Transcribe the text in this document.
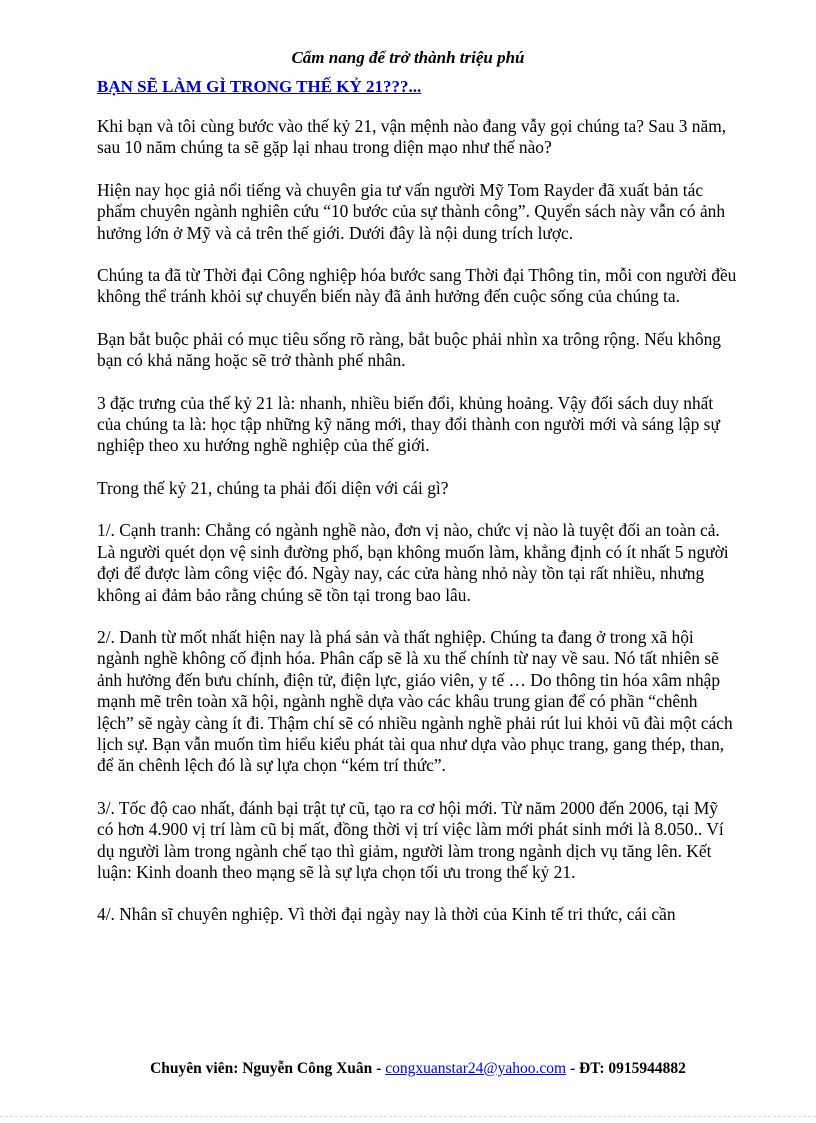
Cẩm nang để trở thành triệu phú
BẠN SẼ LÀM GÌ TRONG THẾ KỶ 21???...

Khi bạn và tôi cùng bước vào thế kỷ 21, vận mệnh nào đang vẫy gọi chúng ta? Sau 3 năm, sau 10 năm chúng ta sẽ gặp lại nhau trong diện mạo như thế nào?

Hiện nay học giả nổi tiếng và chuyên gia tư vấn người Mỹ Tom Rayder đã xuất bản tác phẩm chuyên ngành nghiên cứu “10 bước của sự thành công”. Quyển sách này vẫn có ảnh hưởng lớn ở Mỹ và cả trên thế giới. Dưới đây là nội dung trích lược.

Chúng ta đã từ Thời đại Công nghiệp hóa bước sang Thời đại Thông tin, mỗi con người đều không thể tránh khỏi sự chuyển biến này đã ảnh hưởng đến cuộc sống của chúng ta.

Bạn bắt buộc phải có mục tiêu sống rõ ràng, bắt buộc phải nhìn xa trông rộng. Nếu không bạn có khả năng hoặc sẽ trở thành phế nhân.

3 đặc trưng của thế kỷ 21 là: nhanh, nhiều biến đổi, khủng hoảng. Vậy đối sách duy nhất của chúng ta là: học tập những kỹ năng mới, thay đổi thành con người mới và sáng lập sự nghiệp theo xu hướng nghề nghiệp của thế giới.

Trong thế kỷ 21, chúng ta phải đối diện với cái gì?

1/. Cạnh tranh: Chẳng có ngành nghề nào, đơn vị nào, chức vị nào là tuyệt đối an toàn cả. Là người quét dọn vệ sinh đường phố, bạn không muốn làm, khẳng định có ít nhất 5 người đợi để được làm công việc đó. Ngày nay, các cửa hàng nhỏ này tồn tại rất nhiều, nhưng không ai đảm bảo rằng chúng sẽ tồn tại trong bao lâu.

2/. Danh từ mốt nhất hiện nay là phá sản và thất nghiệp. Chúng ta đang ở trong xã hội ngành nghề không cố định hóa. Phân cấp sẽ là xu thế chính từ nay về sau. Nó tất nhiên sẽ ảnh hưởng đến bưu chính, điện tử, điện lực, giáo viên, y tế … Do thông tin hóa xâm nhập mạnh mẽ trên toàn xã hội, ngành nghề dựa vào các khâu trung gian để có phần “chênh lệch” sẽ ngày càng ít đi. Thậm chí sẽ có nhiều ngành nghề phải rút lui khỏi vũ đài một cách lịch sự. Bạn vẫn muốn tìm hiểu kiểu phát tài qua như dựa vào phục trang, gang thép, than, để ăn chênh lệch đó là sự lựa chọn “kém trí thức”.

3/. Tốc độ cao nhất, đánh bại trật tự cũ, tạo ra cơ hội mới. Từ năm 2000 đến 2006, tại Mỹ có hơn 4.900 vị trí làm cũ bị mất, đồng thời vị trí việc làm mới phát sinh mới là 8.050.. Ví dụ người làm trong ngành chế tạo thì giảm, người làm trong ngành dịch vụ tăng lên. Kết luận: Kinh doanh theo mạng sẽ là sự lựa chọn tối ưu trong thế kỷ 21.

4/. Nhân sĩ chuyên nghiệp. Vì thời đại ngày nay là thời của Kinh tế tri thức, cái cần

Chuyên viên: Nguyễn Công Xuân - congxuanstar24@yahoo.com - ĐT: 0915944882
